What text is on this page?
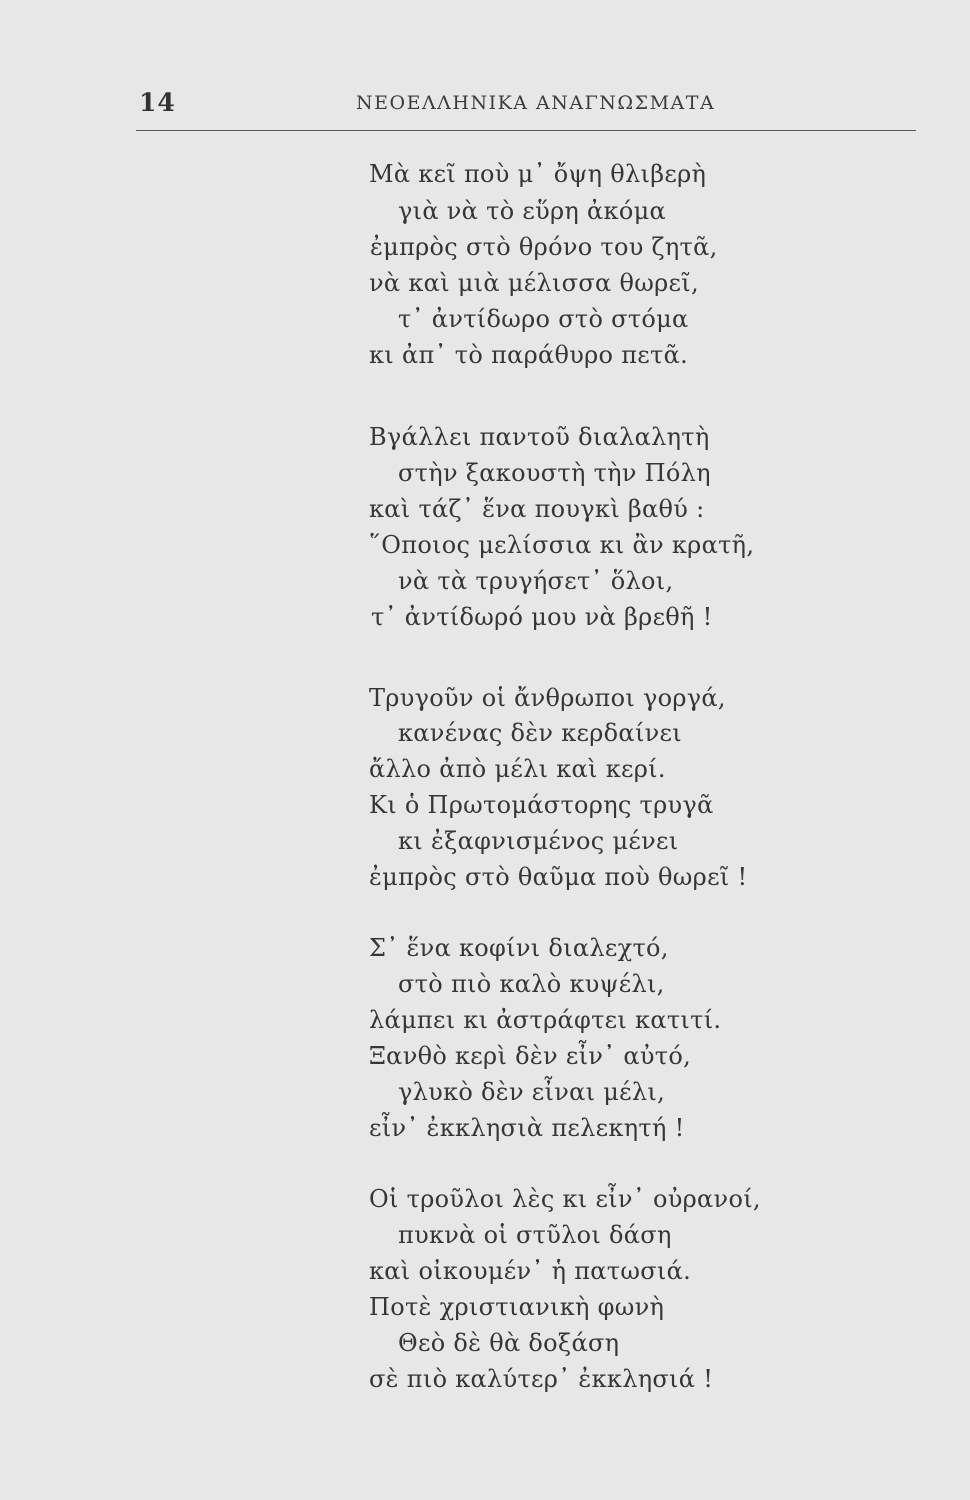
14	ΝΕΟΕΛΛΗΝΙΚΑ ΑΝΑΓΝΩΣΜΑΤΑ
Μὰ κεῖ ποὺ μ᾽ ὄψη θλιβερὴ
γιὰ νὰ τὸ εὕρη ἀκόμα
ἐμπρὸς στὸ θρόνο του ζητᾶ,
νὰ καὶ μιὰ μέλισσα θωρεῖ,
τ᾽ ἀντίδωρο στὸ στόμα
κι ἀπ᾽ τὸ παράθυρο πετᾶ.
Βγάλλει παντοῦ διαλαλητὴ
στὴν ξακουστὴ τὴν Πόλη
καὶ τάζ᾽ ἕνα πουγκὶ βαθύ :
῞Οποιος μελίσσια κι ἂν κρατῆ,
νὰ τὰ τρυγήσετ᾽ ὅλοι,
τ᾽ ἀντίδωρό μου νὰ βρεθῆ !
Τρυγοῦν οἱ ἄνθρωποι γοργά,
κανένας δὲν κερδαίνει
ἄλλο ἀπὸ μέλι καὶ κερί.
Κι ὁ Πρωτομάστορης τρυγᾶ
κι ἐξαφνισμένος μένει
ἐμπρὸς στὸ θαῦμα ποὺ θωρεῖ !
Σ᾽ ἕνα κοφίνι διαλεχτό,
στὸ πιὸ καλὸ κυψέλι,
λάμπει κι ἀστράφτει κατιτί.
Ξανθὸ κερὶ δὲν εἶν᾽ αὐτό,
γλυκὸ δὲν εἶναι μέλι,
εἶν᾽ ἐκκλησιὰ πελεκητή !
Οἱ τροῦλοι λὲς κι εἶν᾽ οὐρανοί,
πυκνὰ οἱ στῦλοι δάση
καὶ οἰκουμέν᾽ ἡ πατωσιά.
Ποτὲ χριστιανικὴ φωνὴ
Θεὸ δὲ θὰ δοξάση
σὲ πιὸ καλύτερ᾽ ἐκκλησιά !
